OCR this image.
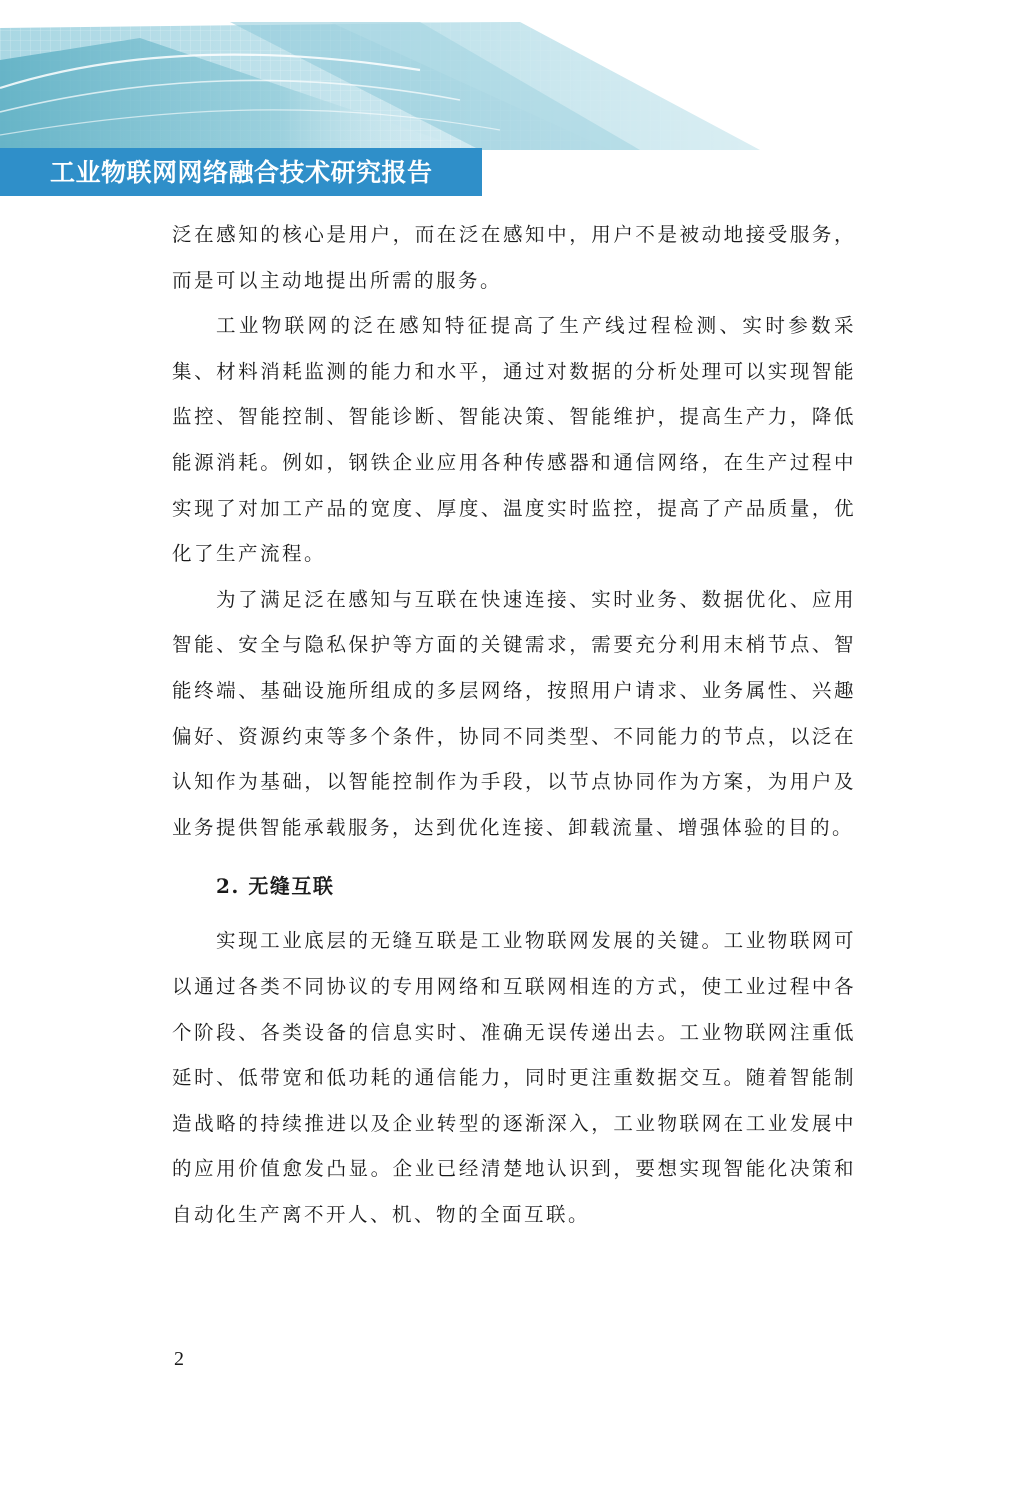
工业物联网网络融合技术研究报告

泛在感知的核心是用户，而在泛在感知中，用户不是被动地接受服务，而是可以主动地提出所需的服务。

工业物联网的泛在感知特征提高了生产线过程检测、实时参数采集、材料消耗监测的能力和水平，通过对数据的分析处理可以实现智能监控、智能控制、智能诊断、智能决策、智能维护，提高生产力，降低能源消耗。例如，钢铁企业应用各种传感器和通信网络，在生产过程中实现了对加工产品的宽度、厚度、温度实时监控，提高了产品质量，优化了生产流程。

为了满足泛在感知与互联在快速连接、实时业务、数据优化、应用智能、安全与隐私保护等方面的关键需求，需要充分利用末梢节点、智能终端、基础设施所组成的多层网络，按照用户请求、业务属性、兴趣偏好、资源约束等多个条件，协同不同类型、不同能力的节点，以泛在认知作为基础，以智能控制作为手段，以节点协同作为方案，为用户及业务提供智能承载服务，达到优化连接、卸载流量、增强体验的目的。

2. 无缝互联

实现工业底层的无缝互联是工业物联网发展的关键。工业物联网可以通过各类不同协议的专用网络和互联网相连的方式，使工业过程中各个阶段、各类设备的信息实时、准确无误传递出去。工业物联网注重低延时、低带宽和低功耗的通信能力，同时更注重数据交互。随着智能制造战略的持续推进以及企业转型的逐渐深入，工业物联网在工业发展中的应用价值愈发凸显。企业已经清楚地认识到，要想实现智能化决策和自动化生产离不开人、机、物的全面互联。

2
